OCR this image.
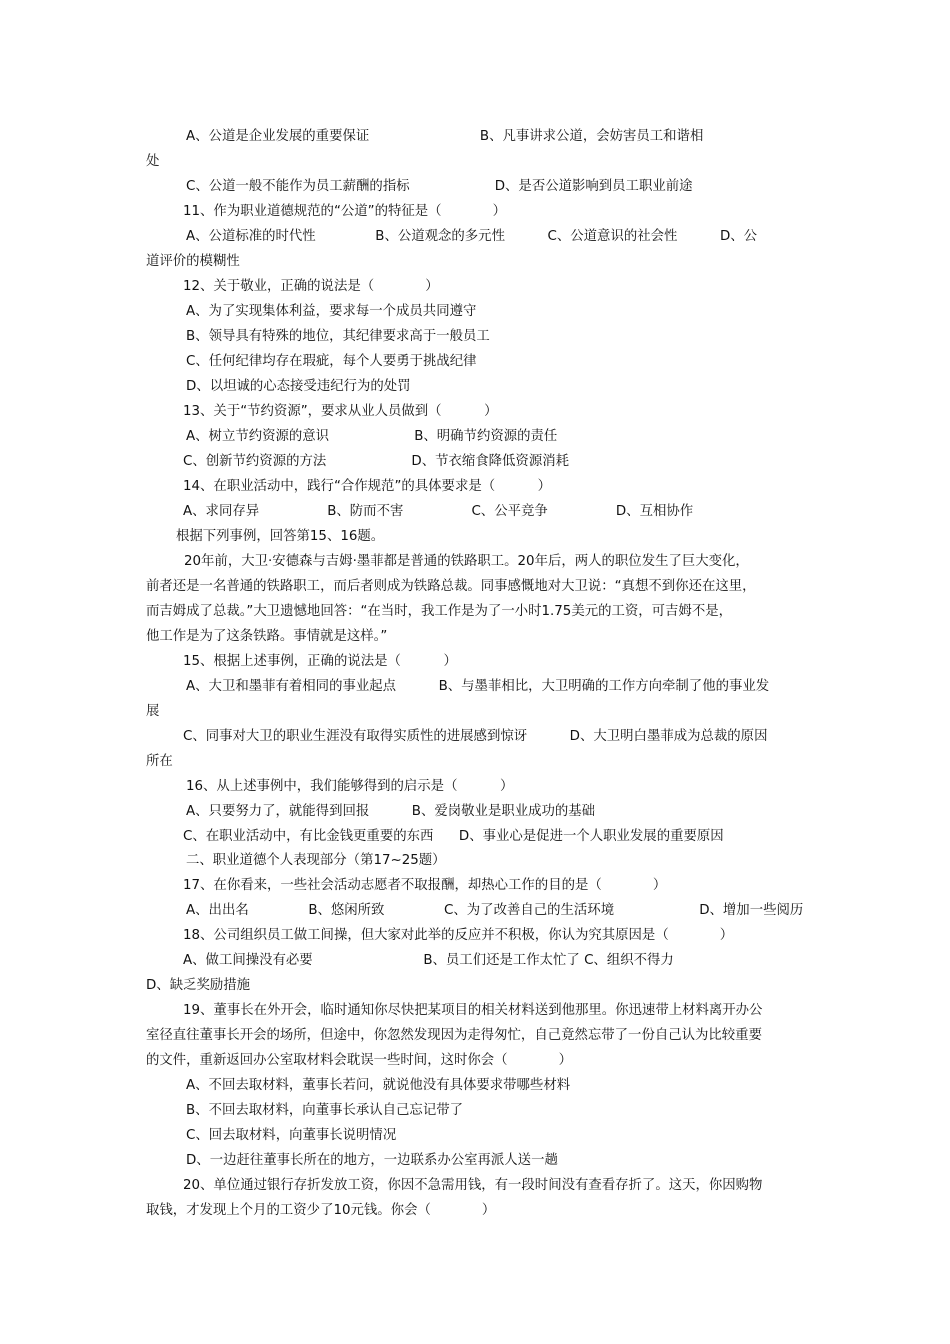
A、公道是企业发展的重要保证                          B、凡事讲求公道，会妨害员工和谐相
处
C、公道一般不能作为员工薪酬的指标                    D、是否公道影响到员工职业前途
11、作为职业道德规范的“公道”的特征是（            ）
A、公道标准的时代性              B、公道观念的多元性          C、公道意识的社会性          D、公
道评价的模糊性
12、关于敬业，正确的说法是（            ）
A、为了实现集体利益，要求每一个成员共同遵守
B、领导具有特殊的地位，其纪律要求高于一般员工
C、任何纪律均存在瑕疵，每个人要勇于挑战纪律
D、以坦诚的心态接受违纪行为的处罚
13、关于“节约资源”，要求从业人员做到（          ）
A、树立节约资源的意识                    B、明确节约资源的责任
C、创新节约资源的方法                    D、节衣缩食降低资源消耗
14、在职业活动中，践行“合作规范”的具体要求是（          ）
A、求同存异                B、防而不害                C、公平竞争                D、互相协作
根据下列事例，回答第15、16题。
20年前，大卫·安德森与吉姆·墨菲都是普通的铁路职工。20年后，两人的职位发生了巨大变化，
前者还是一名普通的铁路职工，而后者则成为铁路总裁。同事感慨地对大卫说：“真想不到你还在这里，
而吉姆成了总裁。”大卫遗憾地回答：“在当时，我工作是为了一小时1.75美元的工资，可吉姆不是，
他工作是为了这条铁路。事情就是这样。”
15、根据上述事例，正确的说法是（          ）
A、大卫和墨菲有着相同的事业起点          B、与墨菲相比，大卫明确的工作方向牵制了他的事业发
展
C、同事对大卫的职业生涯没有取得实质性的进展感到惊讶          D、大卫明白墨菲成为总裁的原因
所在
16、从上述事例中，我们能够得到的启示是（          ）
A、只要努力了，就能得到回报          B、爱岗敬业是职业成功的基础
C、在职业活动中，有比金钱更重要的东西      D、事业心是促进一个人职业发展的重要原因
二、职业道德个人表现部分（第17~25题）
17、在你看来，一些社会活动志愿者不取报酬，却热心工作的目的是（            ）
A、出出名              B、悠闲所致              C、为了改善自己的生活环境                    D、增加一些阅历
18、公司组织员工做工间操，但大家对此举的反应并不积极，你认为究其原因是（            ）
A、做工间操没有必要                          B、员工们还是工作太忙了 C、组织不得力
D、缺乏奖励措施
19、董事长在外开会，临时通知你尽快把某项目的相关材料送到他那里。你迅速带上材料离开办公
室径直往董事长开会的场所，但途中，你忽然发现因为走得匆忙，自己竟然忘带了一份自己认为比较重要
的文件，重新返回办公室取材料会耽误一些时间，这时你会（            ）
A、不回去取材料，董事长若问，就说他没有具体要求带哪些材料
B、不回去取材料，向董事长承认自己忘记带了
C、回去取材料，向董事长说明情况
D、一边赶往董事长所在的地方，一边联系办公室再派人送一趟
20、单位通过银行存折发放工资，你因不急需用钱，有一段时间没有查看存折了。这天，你因购物
取钱，才发现上个月的工资少了10元钱。你会（            ）
